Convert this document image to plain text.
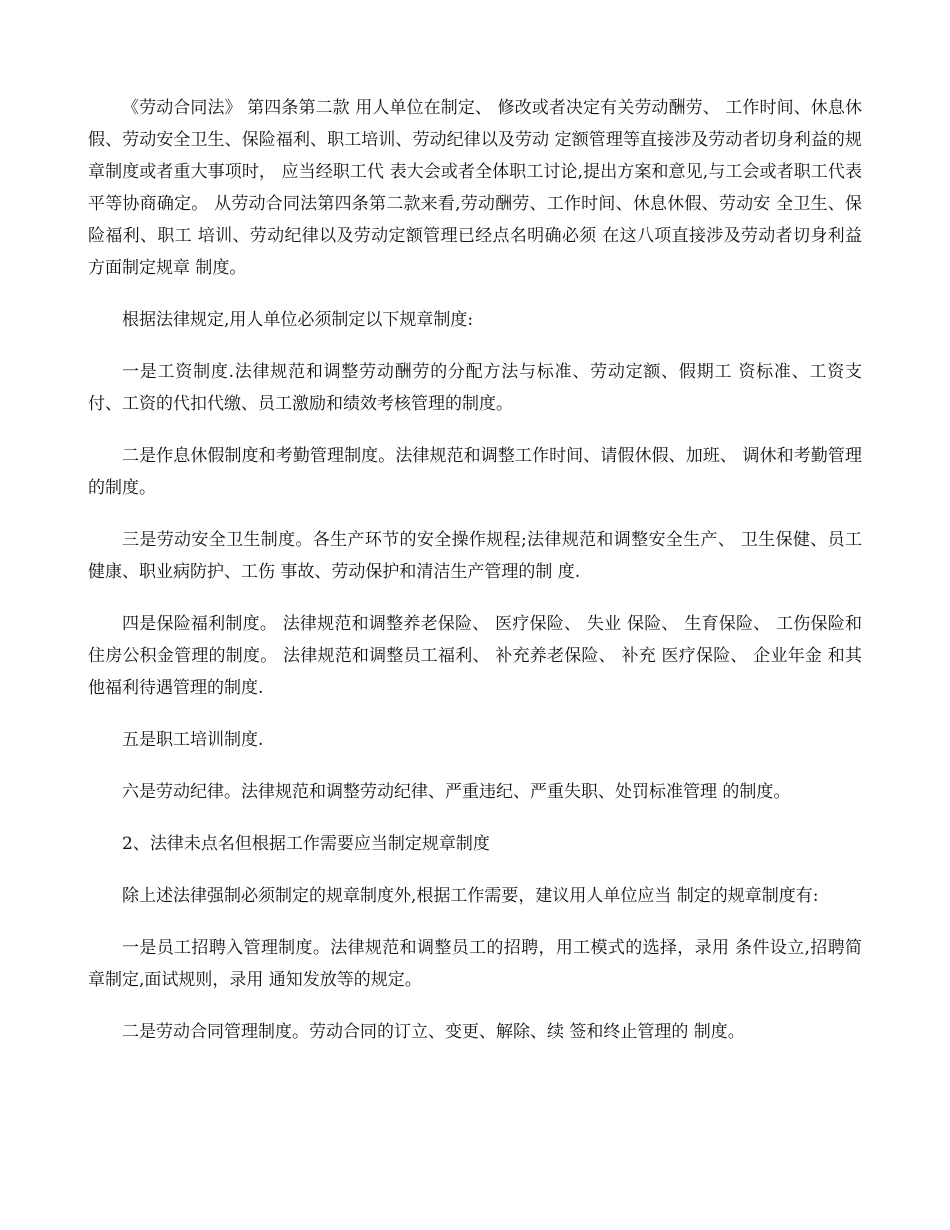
《劳动合同法》 第四条第二款 用人单位在制定、 修改或者决定有关劳动酬劳、 工作时间、休息休假、劳动安全卫生、保险福利、职工培训、劳动纪律以及劳动 定额管理等直接涉及劳动者切身利益的规章制度或者重大事项时， 应当经职工代 表大会或者全体职工讨论,提出方案和意见,与工会或者职工代表平等协商确定。 从劳动合同法第四条第二款来看,劳动酬劳、工作时间、休息休假、劳动安 全卫生、保险福利、职工 培训、劳动纪律以及劳动定额管理已经点名明确必须 在这八项直接涉及劳动者切身利益方面制定规章 制度。

根据法律规定,用人单位必须制定以下规章制度:

一是工资制度.法律规范和调整劳动酬劳的分配方法与标准、劳动定额、假期工 资标准、工资支付、工资的代扣代缴、员工激励和绩效考核管理的制度。

二是作息休假制度和考勤管理制度。法律规范和调整工作时间、请假休假、加班、 调休和考勤管理的制度。

三是劳动安全卫生制度。各生产环节的安全操作规程;法律规范和调整安全生产、 卫生保健、员工健康、职业病防护、工伤 事故、劳动保护和清洁生产管理的制 度.

四是保险福利制度。 法律规范和调整养老保险、 医疗保险、 失业 保险、 生育保险、 工伤保险和住房公积金管理的制度。 法律规范和调整员工福利、 补充养老保险、 补充 医疗保险、 企业年金 和其他福利待遇管理的制度.

五是职工培训制度.

六是劳动纪律。法律规范和调整劳动纪律、严重违纪、严重失职、处罚标准管理 的制度。

2、法律未点名但根据工作需要应当制定规章制度

除上述法律强制必须制定的规章制度外,根据工作需要，建议用人单位应当 制定的规章制度有:

一是员工招聘入管理制度。法律规范和调整员工的招聘，用工模式的选择，录用 条件设立,招聘简章制定,面试规则，录用 通知发放等的规定。

二是劳动合同管理制度。劳动合同的订立、变更、解除、续 签和终止管理的 制度。
